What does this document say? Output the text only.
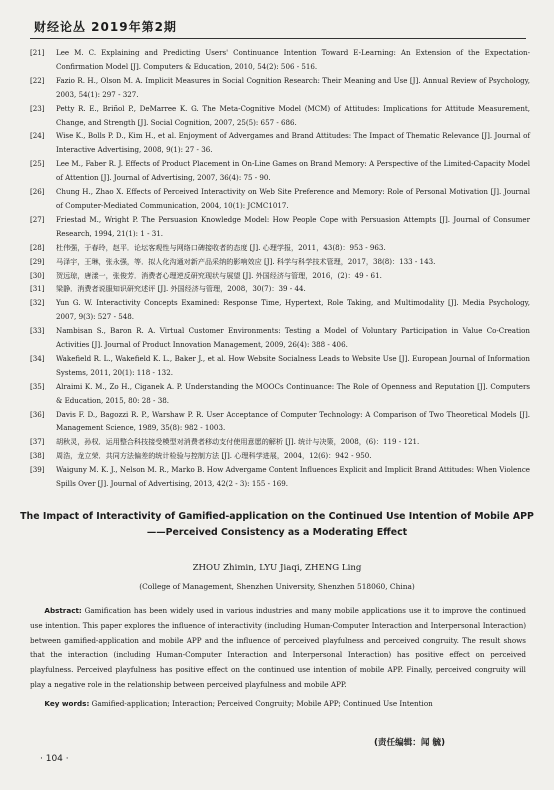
财经论丛 2019年第2期
[21] Lee M. C. Explaining and Predicting Users' Continuance Intention Toward E-Learning: An Extension of the Expectation-Confirmation Model [J]. Computers & Education, 2010, 54(2): 506 - 516.
[22] Fazio R. H., Olson M. A. Implicit Measures in Social Cognition Research: Their Meaning and Use [J]. Annual Review of Psychology, 2003, 54(1): 297 - 327.
[23] Petty R. E., Briñol P., DeMarree K. G. The Meta-Cognitive Model (MCM) of Attitudes: Implications for Attitude Measurement, Change, and Strength [J]. Social Cognition, 2007, 25(5): 657 - 686.
[24] Wise K., Bolls P. D., Kim H., et al. Enjoyment of Advergames and Brand Attitudes: The Impact of Thematic Relevance [J]. Journal of Interactive Advertising, 2008, 9(1): 27 - 36.
[25] Lee M., Faber R. J. Effects of Product Placement in On-Line Games on Brand Memory: A Perspective of the Limited-Capacity Model of Attention [J]. Journal of Advertising, 2007, 36(4): 75 - 90.
[26] Chung H., Zhao X. Effects of Perceived Interactivity on Web Site Preference and Memory: Role of Personal Motivation [J]. Journal of Computer-Mediated Communication, 2004, 10(1): JCMC1017.
[27] Friestad M., Wright P. The Persuasion Knowledge Model: How People Cope with Persuasion Attempts [J]. Journal of Consumer Research, 1994, 21(1): 1 - 31.
[28] 杜伟强，于春玲，赵平．论坛客观性与网络口碑接收者的态度 [J]. 心理学报，2011，43(8)：953 - 963.
[29] 马泽宇，王琳，张永强，等．拟人化沟通对新产品采纳的影响效应 [J]. 科学与科学技术管理，2017，38(8)：133 - 143.
[30] 贺远琼，唐漾一，张俊芳．消费者心理逆反研究现状与展望 [J]. 外国经济与管理，2016，(2)：49 - 61.
[31] 梁静．消费者说服知识研究述评 [J]. 外国经济与管理，2008，30(7)：39 - 44.
[32] Yun G. W. Interactivity Concepts Examined: Response Time, Hypertext, Role Taking, and Multimodality [J]. Media Psychology, 2007, 9(3): 527 - 548.
[33] Nambisan S., Baron R. A. Virtual Customer Environments: Testing a Model of Voluntary Participation in Value Co-Creation Activities [J]. Journal of Product Innovation Management, 2009, 26(4): 388 - 406.
[34] Wakefield R. L., Wakefield K. L., Baker J., et al. How Website Socialness Leads to Website Use [J]. European Journal of Information Systems, 2011, 20(1): 118 - 132.
[35] Alraimi K. M., Zo H., Ciganek A. P. Understanding the MOOCs Continuance: The Role of Openness and Reputation [J]. Computers & Education, 2015, 80: 28 - 38.
[36] Davis F. D., Bagozzi R. P., Warshaw P. R. User Acceptance of Computer Technology: A Comparison of Two Theoretical Models [J]. Management Science, 1989, 35(8): 982 - 1003.
[37] 胡秋灵，孙权．运用整合科技接受模型对消费者移动支付使用意愿的解析 [J]. 统计与决策，2008，(6)：119 - 121.
[38] 周浩，龙立荣．共同方法偏差的统计检验与控制方法 [J]. 心理科学进展，2004，12(6)：942 - 950.
[39] Waiguny M. K. J., Nelson M. R., Marko B. How Advergame Content Influences Explicit and Implicit Brand Attitudes: When Violence Spills Over [J]. Journal of Advertising, 2013, 42(2 - 3): 155 - 169.
The Impact of Interactivity of Gamified-application on the Continued Use Intention of Mobile APP
——Perceived Consistency as a Moderating Effect
ZHOU Zhimin, LYU Jiaqi, ZHENG Ling
(College of Management, Shenzhen University, Shenzhen 518060, China)
Abstract: Gamification has been widely used in various industries and many mobile applications use it to improve the continued use intention. This paper explores the influence of interactivity (including Human-Computer Interaction and Interpersonal Interaction) between gamified-application and mobile APP and the influence of perceived playfulness and perceived congruity. The result shows that the interaction (including Human-Computer Interaction and Interpersonal Interaction) has positive effect on perceived playfulness. Perceived playfulness has positive effect on the continued use intention of mobile APP. Finally, perceived congruity will play a negative role in the relationship between perceived playfulness and mobile APP.
Key words: Gamified-application; Interaction; Perceived Congruity; Mobile APP; Continued Use Intention
(责任编辑：闻 毓)
· 104 ·
